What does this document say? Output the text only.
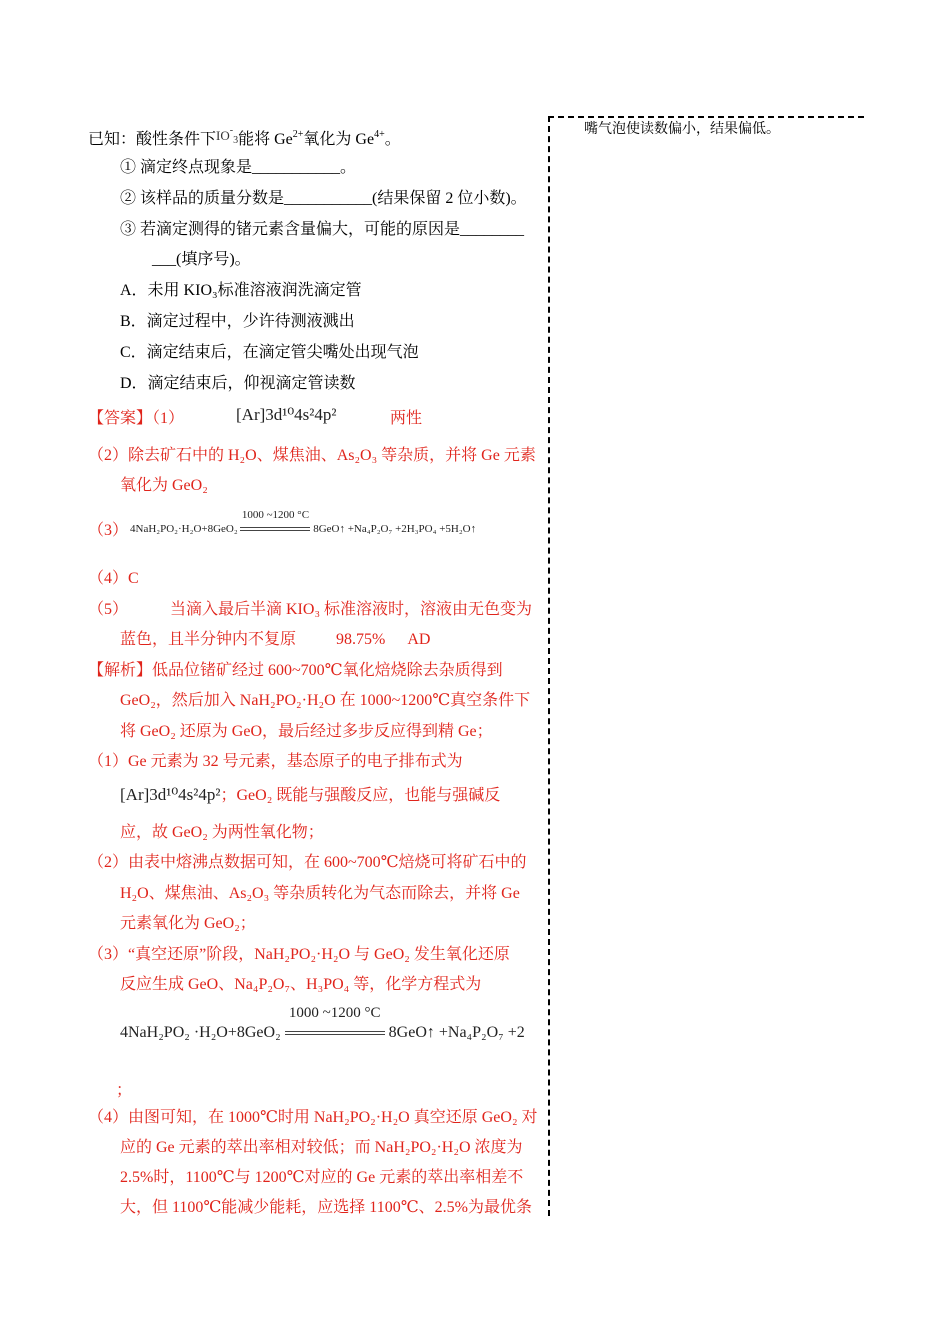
嘴气泡使读数偏小，结果偏低。
已知：酸性条件下$^{IO^-_3}$能将 $Ge^{2+}$氧化为 $Ge^{4+}$。
① 滴定终点现象是___________。
② 该样品的质量分数是___________(结果保留 2 位小数)。
③ 若滴定测得的锗元素含量偏大，可能的原因是________
___(填序号)。
A．未用 KIO₃标准溶液润洗滴定管
B．滴定过程中，少许待测液溅出
C．滴定结束后，在滴定管尖嘴处出现气泡
D．滴定结束后，仰视滴定管读数
【答案】（1）	[Ar]3d¹⁰4s²4p²	两性
（2）除去矿石中的 H₂O、煤焦油、As₂O₃ 等杂质，并将 Ge 元素
氧化为 GeO₂
（3） 4NaH₂PO₂·H₂O+8GeO₂
1000 ~1200 °C
8GeO↑ +Na₄P₂O₇ +2H₃PO₄ +5H₂O↑
（4）C
（5）	当滴入最后半滴 KIO₃ 标准溶液时，溶液由无色变为
蓝色，且半分钟内不复原	98.75% AD
【解析】低品位锗矿经过 600~700℃氧化焙烧除去杂质得到
GeO₂，然后加入 NaH₂PO₂·H₂O 在 1000~1200℃真空条件下
将 GeO₂ 还原为 GeO，最后经过多步反应得到精 Ge；
（1）Ge 元素为 32 号元素，基态原子的电子排布式为
[Ar]3d¹⁰4s²4p²；GeO₂ 既能与强酸反应，也能与强碱反
应，故 GeO₂ 为两性氧化物；
（2）由表中熔沸点数据可知，在 600~700℃焙烧可将矿石中的
H₂O、煤焦油、As₂O₃ 等杂质转化为气态而除去，并将 Ge
元素氧化为 GeO₂；
（3）“真空还原”阶段，NaH₂PO₂·H₂O 与 GeO₂ 发生氧化还原
反应生成 GeO、Na₄P₂O₇、H₃PO₄ 等，化学方程式为
4NaH₂PO₂ ·H₂O+8GeO₂
1000 ~1200 °C
8GeO↑ +Na₄P₂O₇ +2
；
（4）由图可知，在 1000℃时用 NaH₂PO₂·H₂O 真空还原 GeO₂ 对
应的 Ge 元素的萃出率相对较低；而 NaH₂PO₂·H₂O 浓度为
2.5%时，1100℃与 1200℃对应的 Ge 元素的萃出率相差不
大，但 1100℃能减少能耗，应选择 1100℃、2.5%为最优条
